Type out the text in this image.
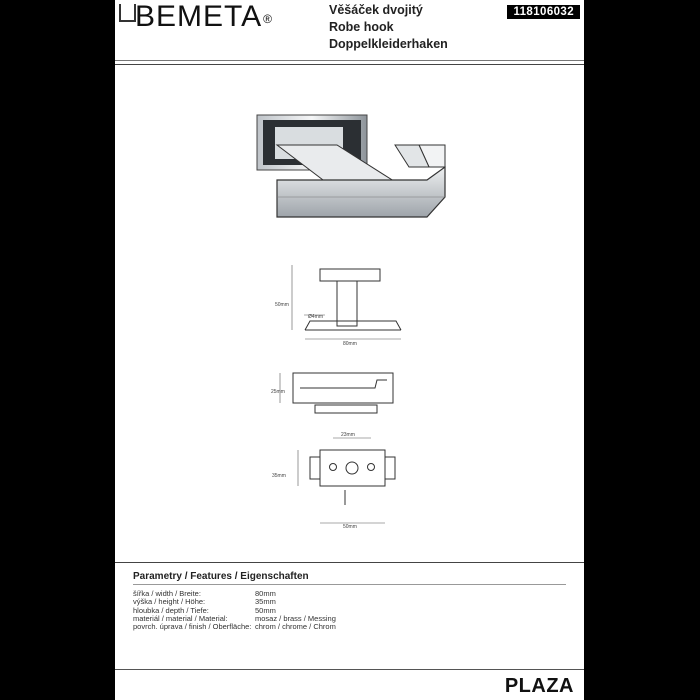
BEMETA®
Věšáček dvojitý
Robe hook
Doppelkleiderhaken
118106032
50mm
Ø4mm
80mm
25mm
23mm
35mm
50mm
Parametry / Features / Eigenschaften
šířka / width / Breite:
výška / height / Höhe:
hloubka / depth / Tiefe:
materiál / material / Material:
povrch. úprava / finish / Oberfläche:
80mm
35mm
50mm
mosaz / brass / Messing
chrom / chrome / Chrom
PLAZA
